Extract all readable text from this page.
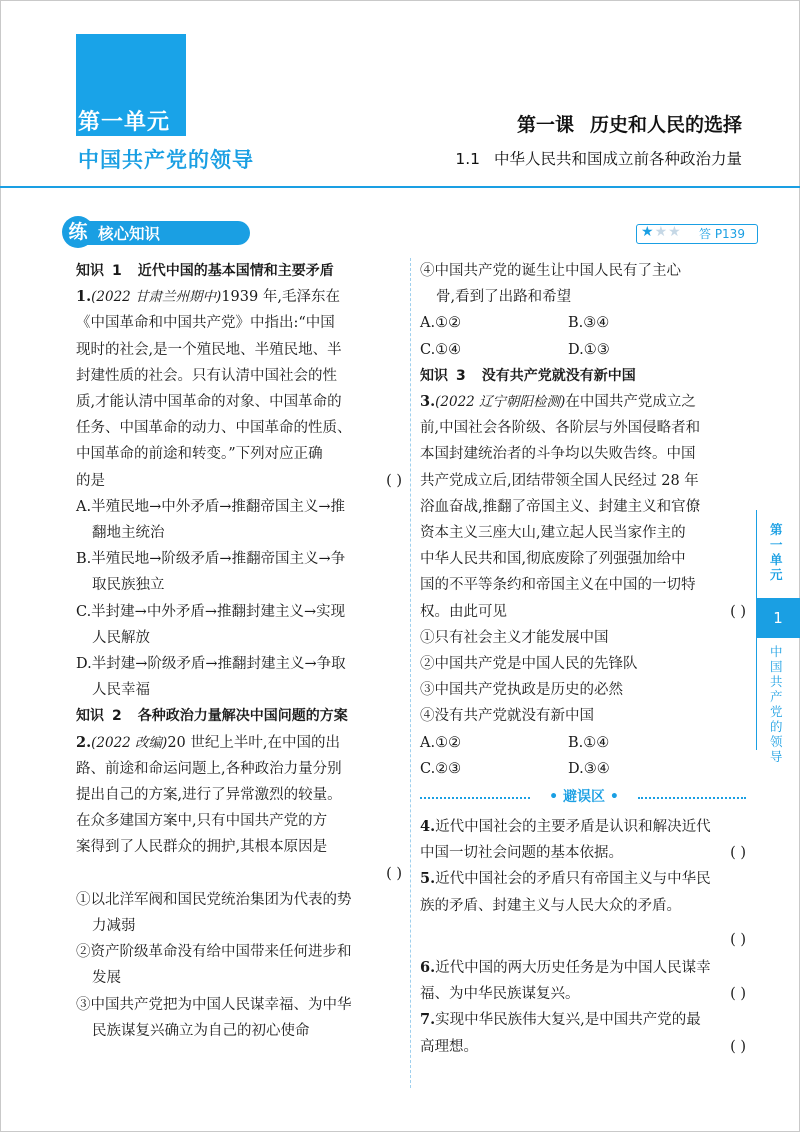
第一单元
中国共产党的领导
第一课 历史和人民的选择
1.1 中华人民共和国成立前各种政治力量
练 核心知识	★★★ 答 P139
知识 1 近代中国的基本国情和主要矛盾
1.(2022 甘肃兰州期中)1939 年,毛泽东在
《中国革命和中国共产党》中指出:“中国
现时的社会,是一个殖民地、半殖民地、半
封建性质的社会。只有认清中国社会的性
质,才能认清中国革命的对象、中国革命的
任务、中国革命的动力、中国革命的性质、
中国革命的前途和转变。”下列对应正确
的是	( )
A.半殖民地→中外矛盾→推翻帝国主义→推
翻地主统治
B.半殖民地→阶级矛盾→推翻帝国主义→争
取民族独立
C.半封建→中外矛盾→推翻封建主义→实现
人民解放
D.半封建→阶级矛盾→推翻封建主义→争取
人民幸福
知识 2 各种政治力量解决中国问题的方案
2.(2022 改编)20 世纪上半叶,在中国的出
路、前途和命运问题上,各种政治力量分别
提出自己的方案,进行了异常激烈的较量。
在众多建国方案中,只有中国共产党的方
案得到了人民群众的拥护,其根本原因是
( )
①以北洋军阀和国民党统治集团为代表的势
力减弱
②资产阶级革命没有给中国带来任何进步和
发展
③中国共产党把为中国人民谋幸福、为中华
民族谋复兴确立为自己的初心使命
④中国共产党的诞生让中国人民有了主心
骨,看到了出路和希望
A.①②	B.③④
C.①④	D.①③
知识 3 没有共产党就没有新中国
3.(2022 辽宁朝阳检测)在中国共产党成立之
前,中国社会各阶级、各阶层与外国侵略者和
本国封建统治者的斗争均以失败告终。中国
共产党成立后,团结带领全国人民经过 28 年
浴血奋战,推翻了帝国主义、封建主义和官僚
资本主义三座大山,建立起人民当家作主的
中华人民共和国,彻底废除了列强强加给中
国的不平等条约和帝国主义在中国的一切特
权。由此可见	( )
①只有社会主义才能发展中国
②中国共产党是中国人民的先锋队
③中国共产党执政是历史的必然
④没有共产党就没有新中国
A.①②	B.①④
C.②③	D.③④
• 避误区 •
4.近代中国社会的主要矛盾是认识和解决近代
中国一切社会问题的基本依据。	( )
5.近代中国社会的矛盾只有帝国主义与中华民
族的矛盾、封建主义与人民大众的矛盾。
( )
6.近代中国的两大历史任务是为中国人民谋幸
福、为中华民族谋复兴。	( )
7.实现中华民族伟大复兴,是中国共产党的最
高理想。	( )
第一单元
1
中国共产党的领导
